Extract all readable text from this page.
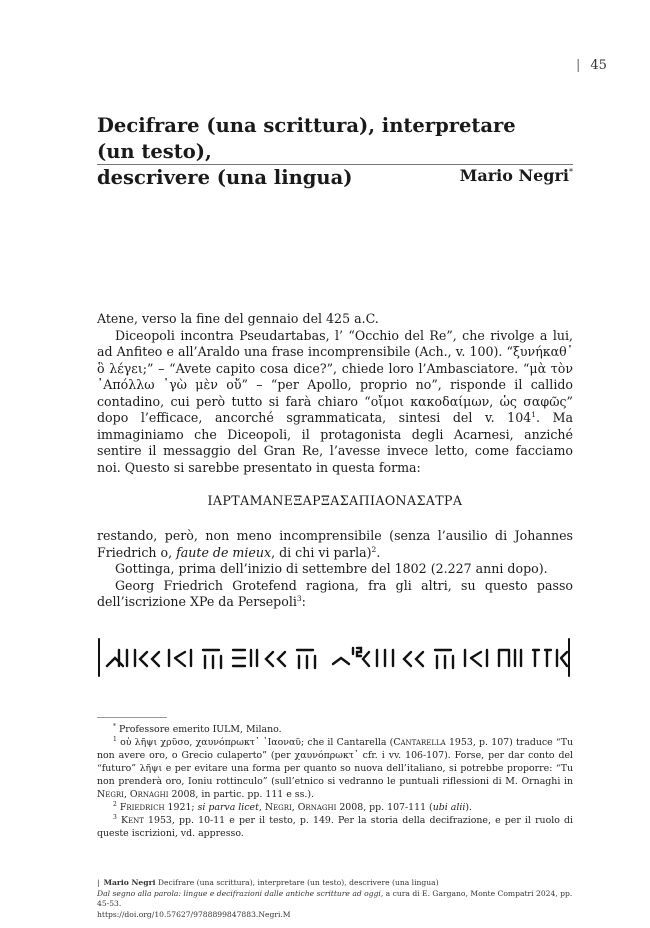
| 45
Decifrare (una scrittura), interpretare (un testo),
descrivere (una lingua)	Mario Negri*

Atene, verso la fine del gennaio del 425 a.C.

Diceopoli incontra Pseudartabas, l’ “Occhio del Re”, che rivolge a lui, ad Anfiteo e all’Araldo una frase incomprensibile (Ach., v. 100). “ξυνήκαθ᾽ ὃ λέγει;” – “Avete capito cosa dice?”, chiede loro l’Ambasciatore. “μὰ τὸν ᾽Απόλλω ᾽γὼ μὲν οὔ” – “per Apollo, proprio no”, risponde il callido contadino, cui però tutto si farà chiaro “οἴμοι κακοδαίμων, ὡς σαφῶς” dopo l’efficace, ancorché sgrammaticata, sintesi del v. $104^1$. Ma immaginiamo che Diceopoli, il protagonista degli Acarnesi, anziché sentire il messaggio del Gran Re, l’avesse invece letto, come facciamo noi. Questo si sarebbe presentato in questa forma:

ΙΑΡΤΑΜΑΝΕΞΑΡΞΑΣΑΠΙΑΟΝΑΣΑΤΡΑ

restando, però, non meno incomprensibile (senza l’ausilio di Johannes Friedrich o, faute de mieux, di chi vi parla)$^2$.

Gottinga, prima dell’inizio di settembre del 1802 (2.227 anni dopo).

Georg Friedrich Grotefend ragiona, fra gli altri, su questo passo dell’iscrizione XPe da Persepoli$^3$:

* Professore emerito IULM, Milano.

$^1$ οὐ λῆψι χρῦσο, χαυνόπρωκτ᾽ ᾽Ιαοναῦ; che il Cantarella (Cantarella 1953, p. 107) traduce “Tu non avere oro, o Grecio culaperto” (per χαυνόπρωκτ᾽ cfr. i vv. 106-107). Forse, per dar conto del “futuro” λῆψι e per evitare una forma per quanto so nuova dell’italiano, si potrebbe proporre: “Tu non prenderà oro, Ioniu rottinculo” (sull’etnico si vedranno le puntuali riflessioni di M. Ornaghi in Negri, Ornaghi 2008, in partic. pp. 111 e ss.).

$^2$ Friedrich 1921; si parva licet, Negri, Ornaghi 2008, pp. 107-111 (ubi alii).

$^3$ Kent 1953, pp. 10-11 e per il testo, p. 149. Per la storia della decifrazione, e per il ruolo di queste iscrizioni, vd. appresso.

| Mario Negri Decifrare (una scrittura), interpretare (un testo), descrivere (una lingua)
Dal segno alla parola: lingue e decifrazioni dalle antiche scritture ad oggi, a cura di E. Gargano, Monte Compatri 2024, pp. 45-53.
https://doi.org/10.57627/9788899847883.Negri.M
